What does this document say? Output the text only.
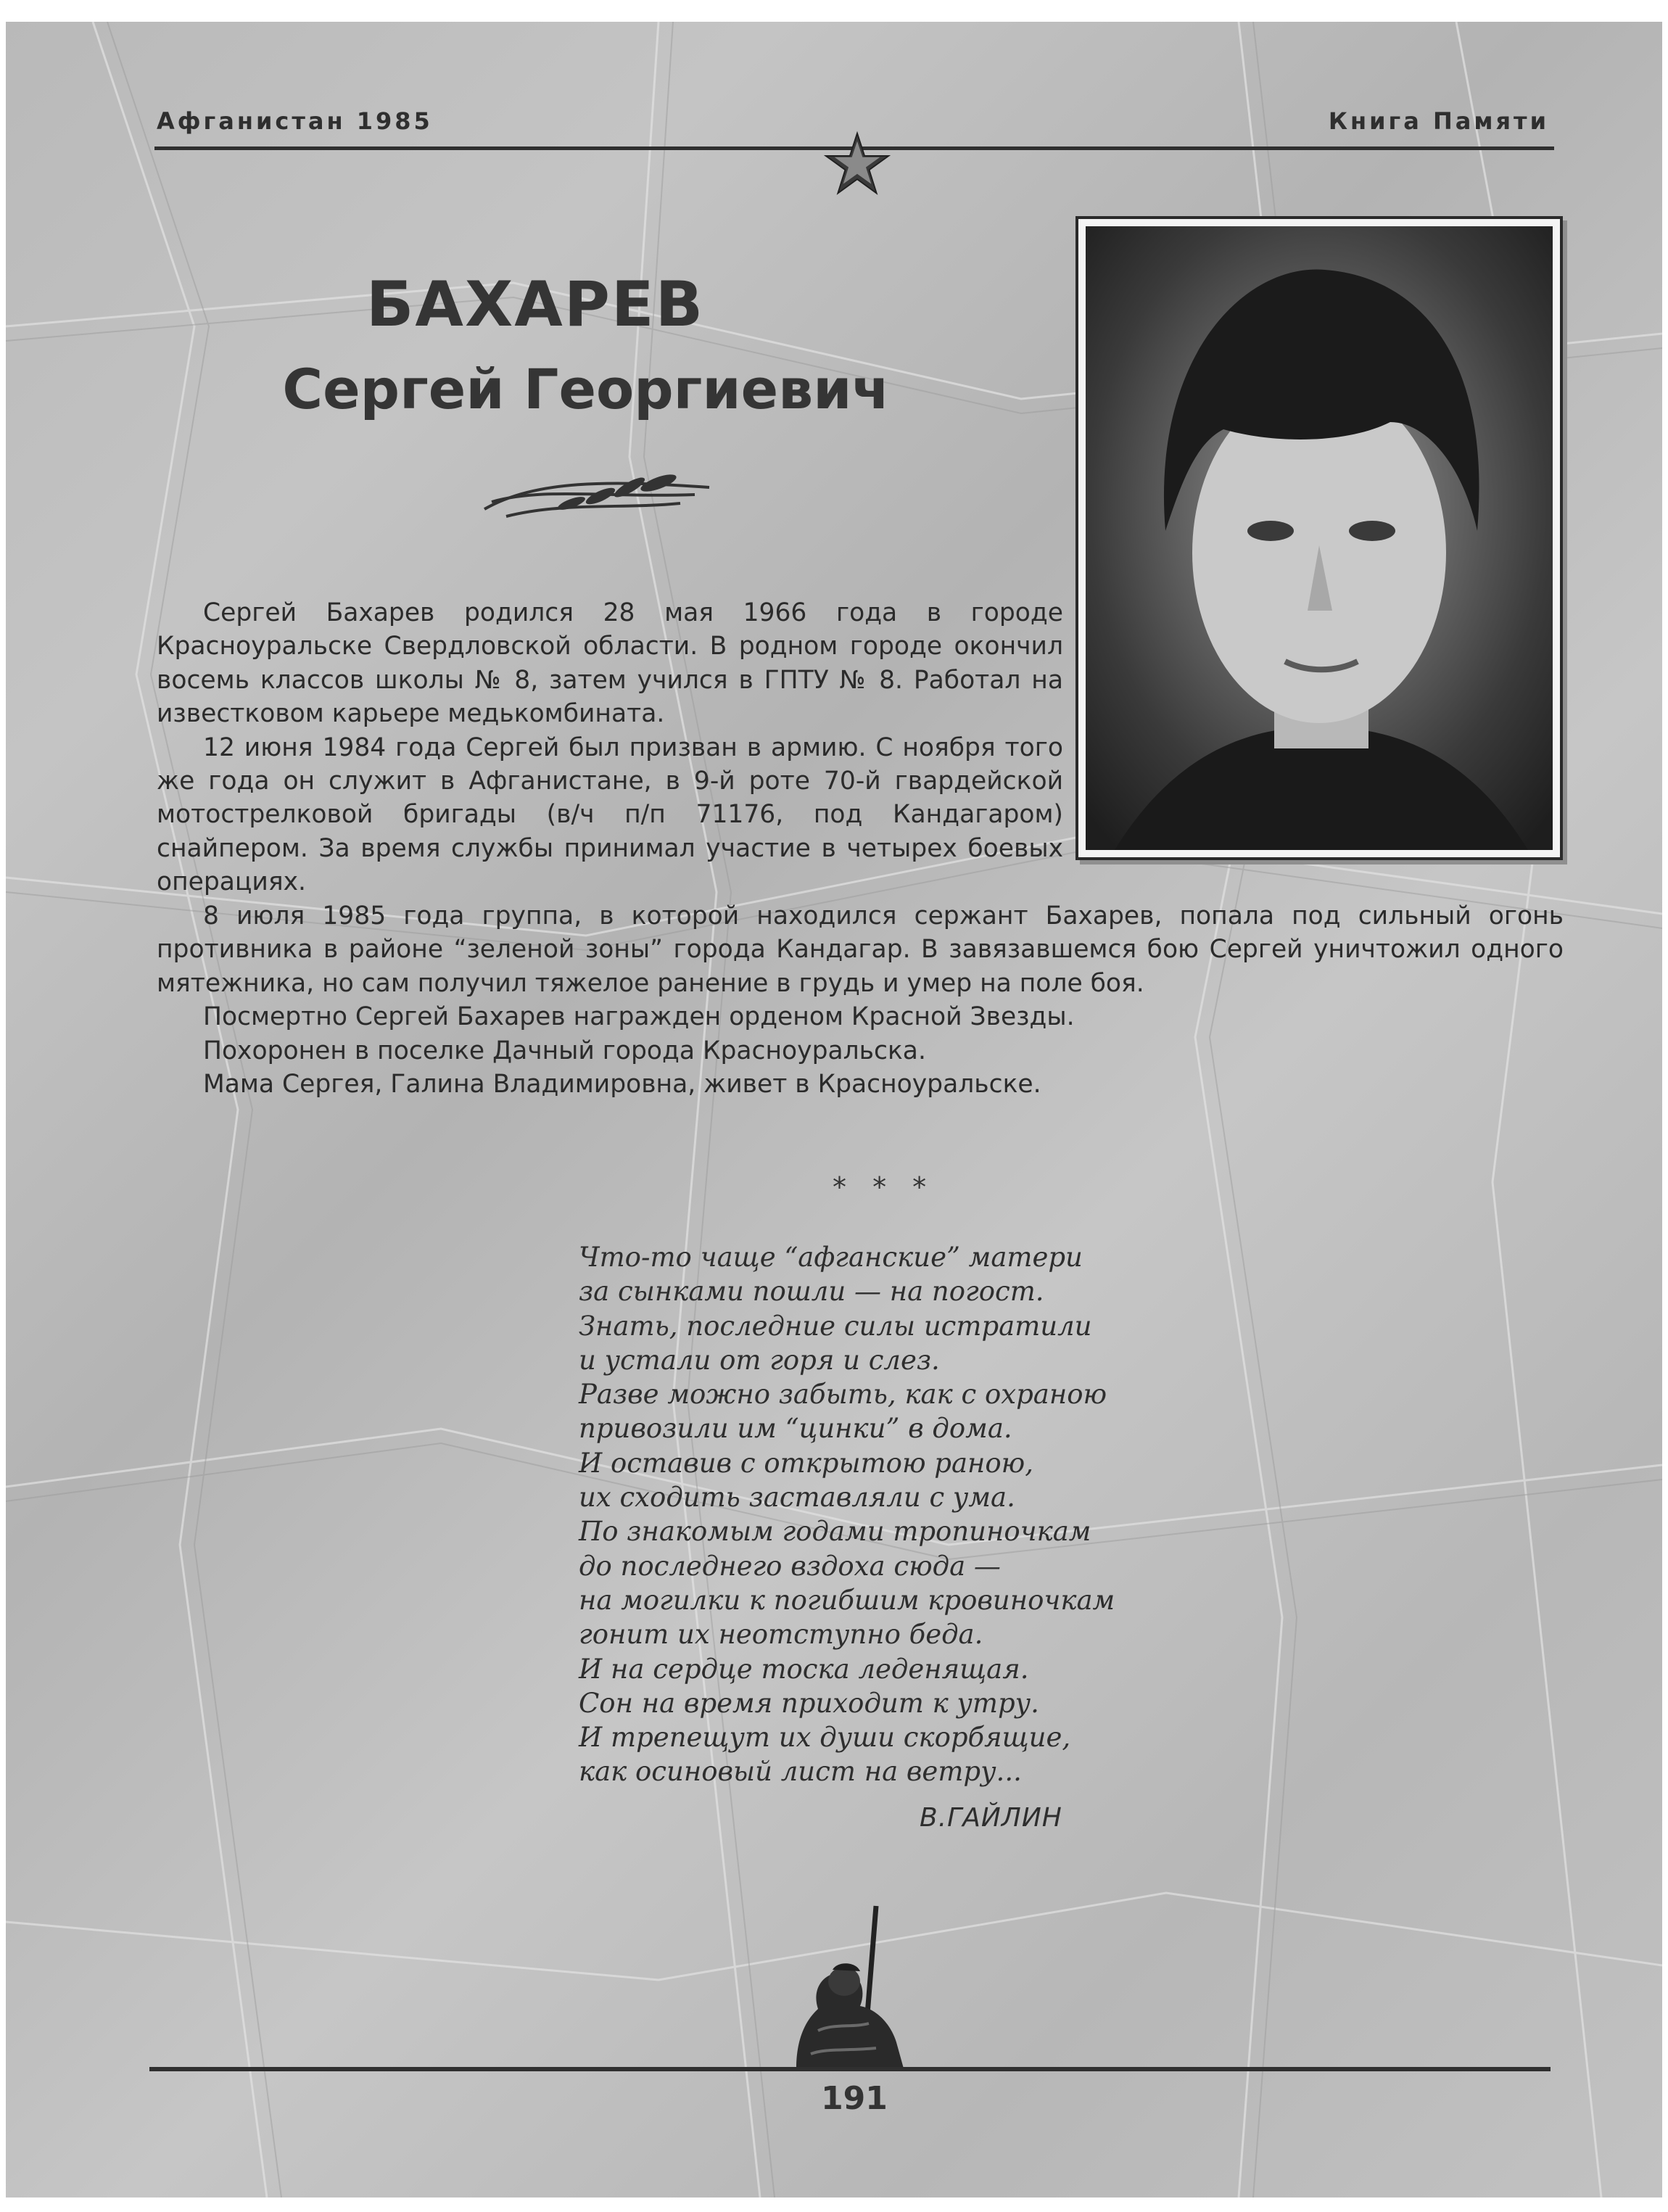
Афганистан 1985	Книга Памяти
БАХАРЕВ
Сергей Георгиевич

Сергей Бахарев родился 28 мая 1966 года в городе Красноуральске Свердловской области. В родном городе окончил восемь классов школы № 8, затем учился в ГПТУ № 8. Работал на известковом карьере медькомбината.

12 июня 1984 года Сергей был призван в армию. С ноября того же года он служит в Афганистане, в 9-й роте 70-й гвардейской мотострелковой бригады (в/ч п/п 71176, под Кандагаром) снайпером. За время службы принимал участие в четырех боевых операциях.

8 июля 1985 года группа, в которой находился сержант Бахарев, попала под сильный огонь противника в районе “зеленой зоны” города Кандагар. В завязавшемся бою Сергей уничтожил одного мятежника, но сам получил тяжелое ранение в грудь и умер на поле боя.

Посмертно Сергей Бахарев награжден орденом Красной Звезды.

Похоронен в поселке Дачный города Красноуральска.

Мама Сергея, Галина Владимировна, живет в Красноуральске.

* * *
Что-то чаще “афганские” матери
за сынками пошли — на погост.
Знать, последние силы истратили
и устали от горя и слез.
Разве можно забыть, как с охраною
привозили им “цинки” в дома.
И оставив с открытою раною,
их сходить заставляли с ума.
По знакомым годами тропиночкам
до последнего вздоха сюда —
на могилки к погибшим кровиночкам
гонит их неотступно беда.
И на сердце тоска леденящая.
Сон на время приходит к утру.
И трепещут их души скорбящие,
как осиновый лист на ветру...
В.ГАЙЛИН
191
